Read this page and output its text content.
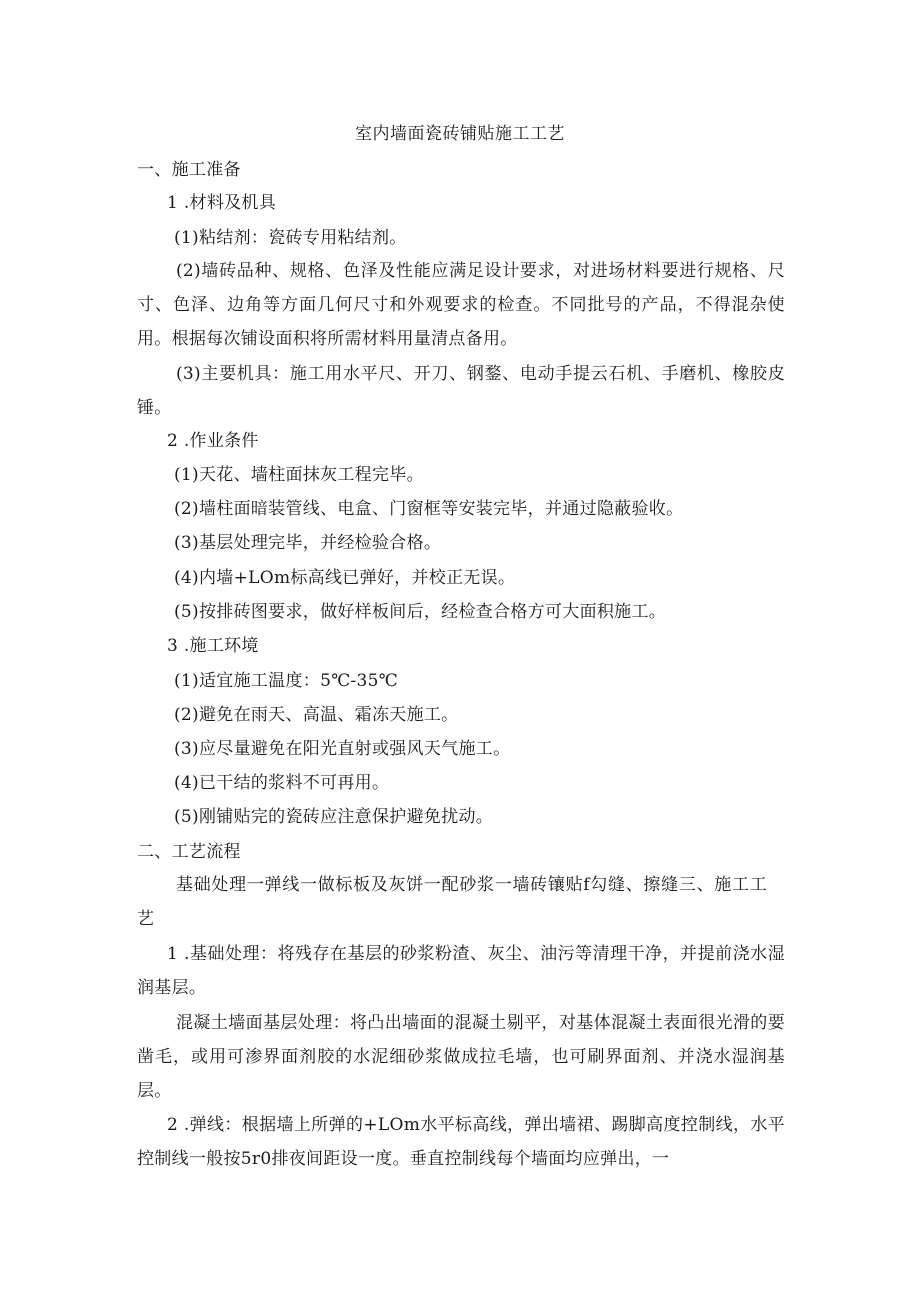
室内墙面瓷砖铺贴施工工艺
一、施工准备
1 .材料及机具
(1)粘结剂：瓷砖专用粘结剂。
(2)墙砖品种、规格、色泽及性能应满足设计要求，对进场材料要进行规格、尺寸、色泽、边角等方面几何尺寸和外观要求的检查。不同批号的产品，不得混杂使用。根据每次铺设面积将所需材料用量清点备用。
(3)主要机具：施工用水平尺、开刀、钢鍪、电动手提云石机、手磨机、橡胶皮锤。
2 .作业条件
(1)天花、墙柱面抹灰工程完毕。
(2)墙柱面暗装管线、电盒、门窗框等安装完毕，并通过隐蔽验收。
(3)基层处理完毕，并经检验合格。
(4)内墙+LOm标高线已弹好，并校正无误。
(5)按排砖图要求，做好样板间后，经检查合格方可大面积施工。
3 .施工环境
(1)适宜施工温度：5℃-35℃
(2)避免在雨天、高温、霜冻天施工。
(3)应尽量避免在阳光直射或强风天气施工。
(4)已干结的浆料不可再用。
(5)刚铺贴完的瓷砖应注意保护避免扰动。
二、工艺流程
基础处理一弹线一做标板及灰饼一配砂浆一墙砖镶贴f勾缝、擦缝三、施工工艺
1 .基础处理：将残存在基层的砂浆粉渣、灰尘、油污等清理干净，并提前浇水湿润基层。
混凝土墙面基层处理：将凸出墙面的混凝土剔平，对基体混凝土表面很光滑的要凿毛，或用可渗界面剂胶的水泥细砂浆做成拉毛墙，也可刷界面剂、并浇水湿润基层。
2 .弹线：根据墙上所弹的+LOm水平标高线，弹出墙裙、踢脚高度控制线，水平控制线一般按5r0排夜间距设一度。垂直控制线每个墙面均应弹出，一
